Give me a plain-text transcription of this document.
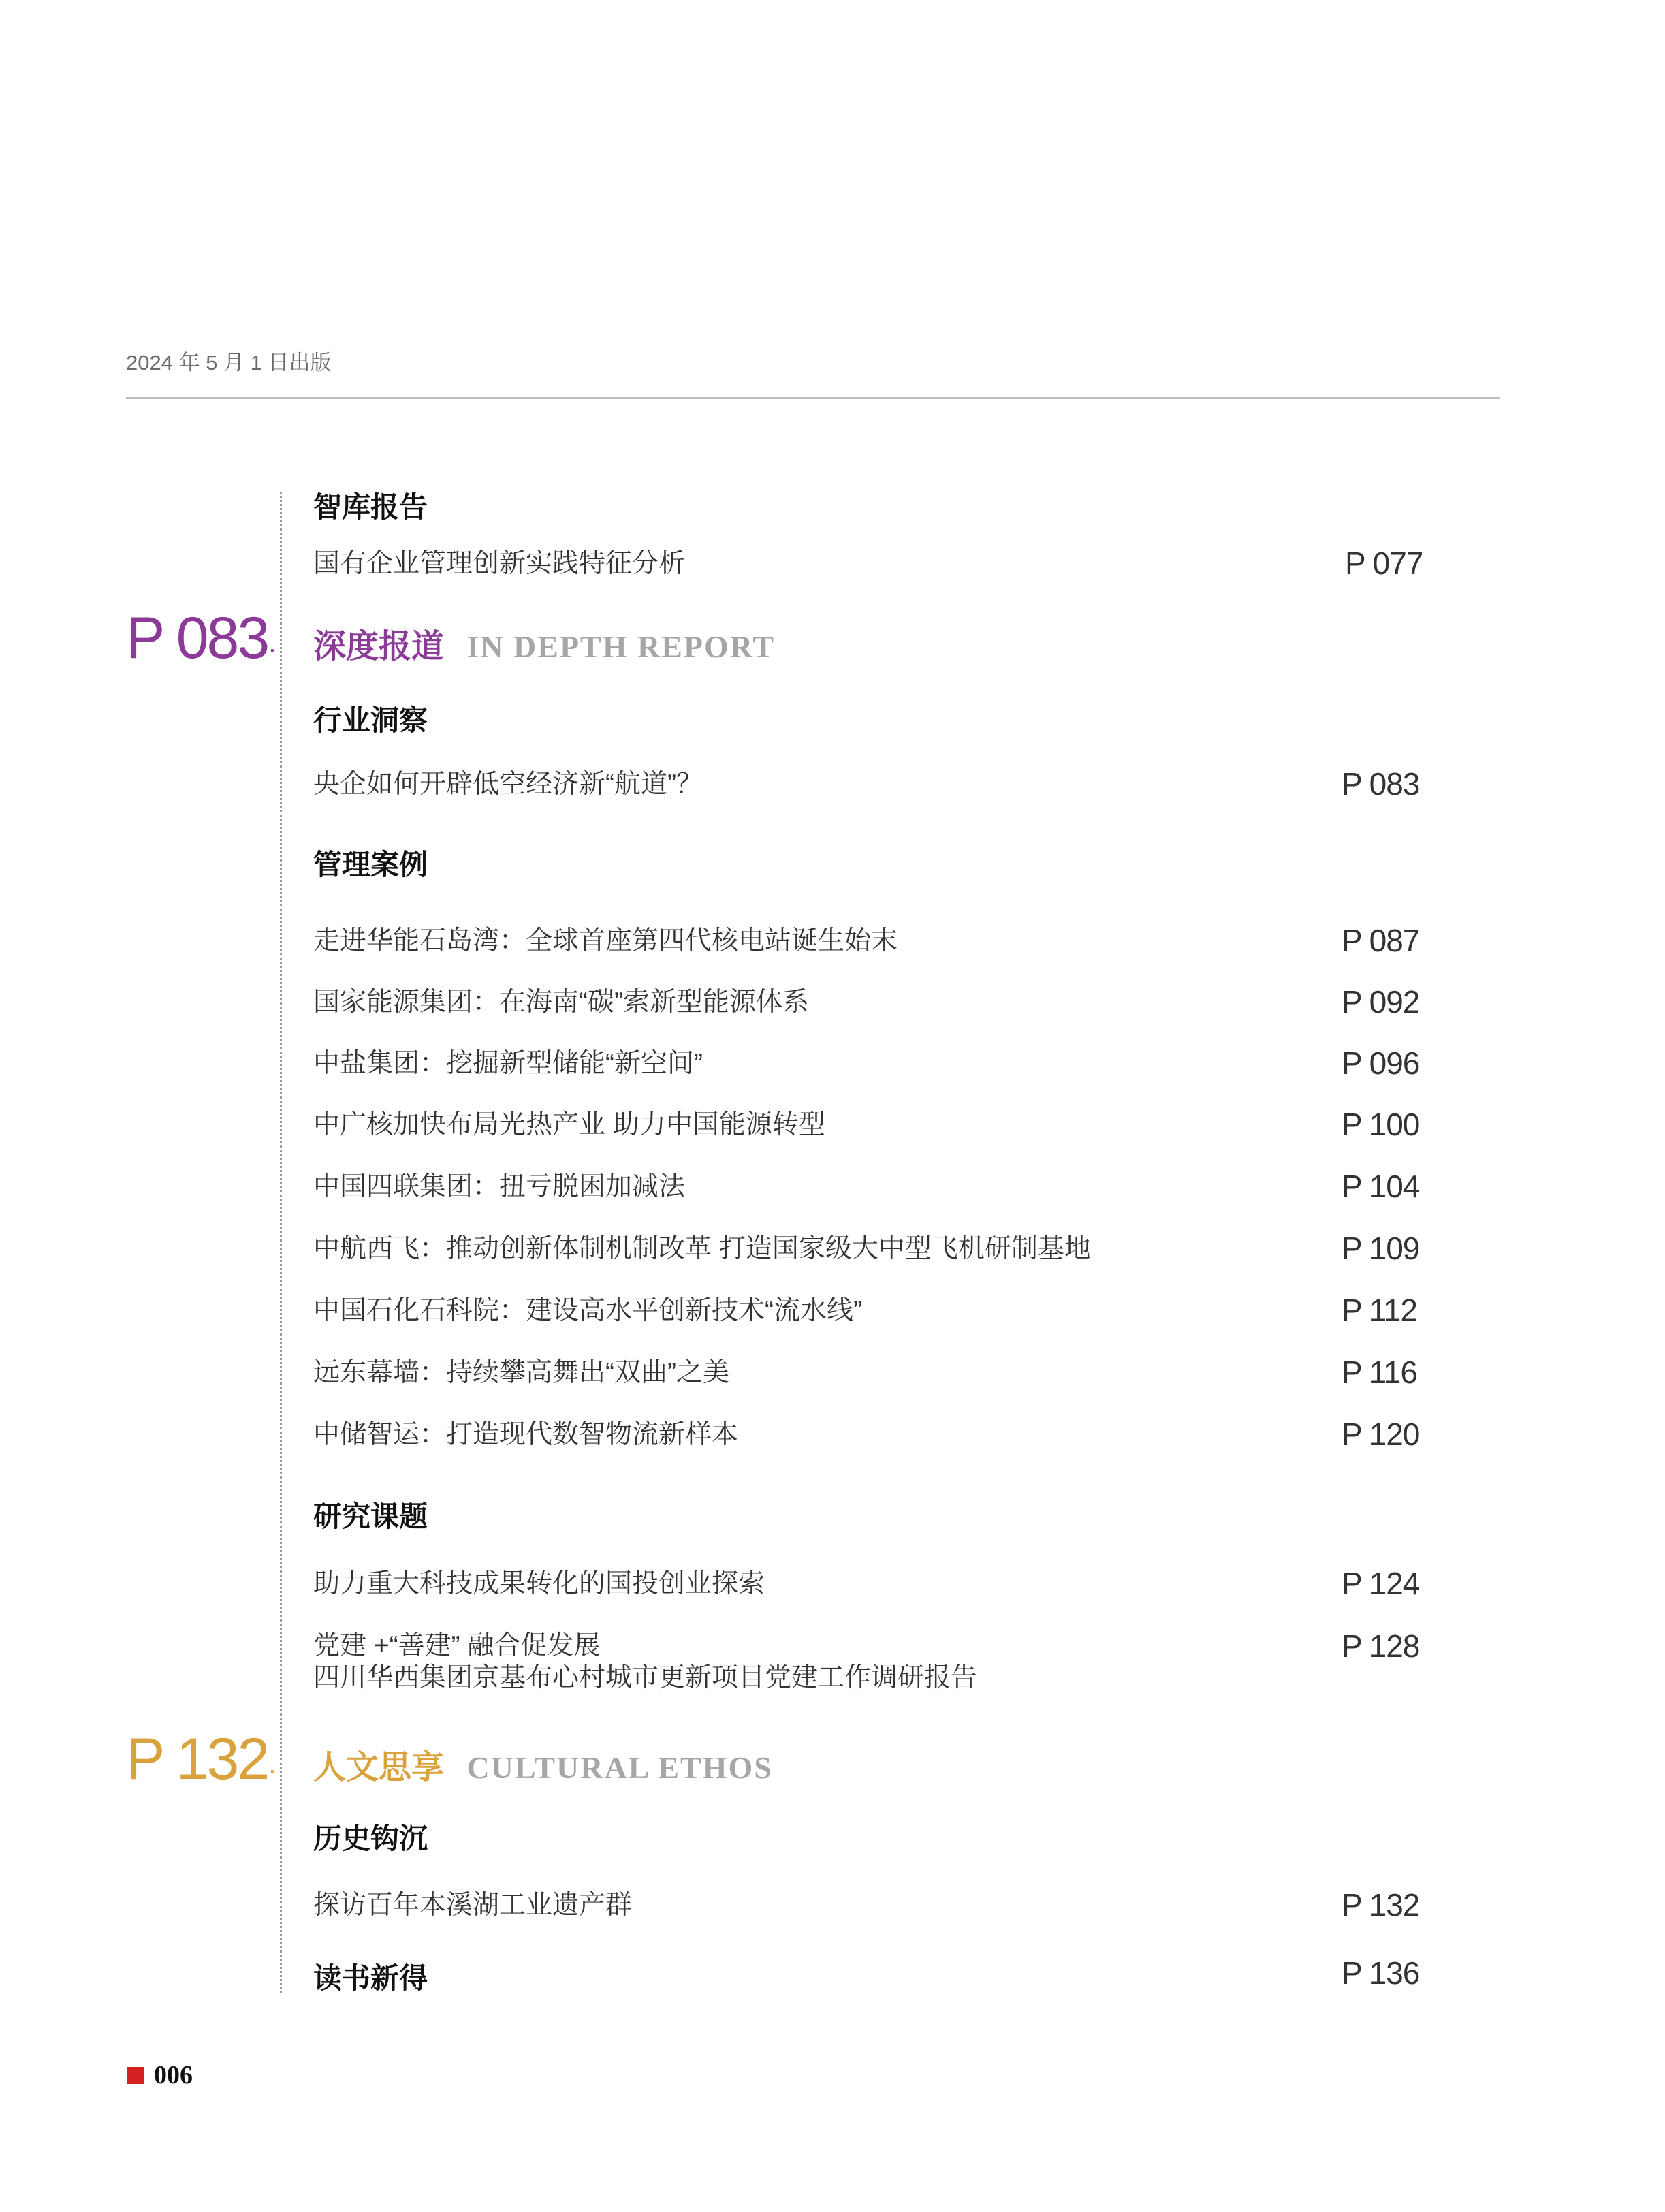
2024 年 5 月 1 日出版
智库报告
国有企业管理创新实践特征分析	P 077
P 083· 深度报道 IN DEPTH REPORT
行业洞察
央企如何开辟低空经济新“航道”？	P 083
管理案例
走进华能石岛湾：全球首座第四代核电站诞生始末	P 087
国家能源集团：在海南“碳”索新型能源体系	P 092
中盐集团：挖掘新型储能“新空间”	P 096
中广核加快布局光热产业 助力中国能源转型	P 100
中国四联集团：扭亏脱困加减法	P 104
中航西飞：推动创新体制机制改革 打造国家级大中型飞机研制基地	P 109
中国石化石科院：建设高水平创新技术“流水线”	P 112
远东幕墙：持续攀高舞出“双曲”之美	P 116
中储智运：打造现代数智物流新样本	P 120
研究课题
助力重大科技成果转化的国投创业探索	P 124
党建 +“善建” 融合促发展
四川华西集团京基布心村城市更新项目党建工作调研报告
P 128
P 132· 人文思享 CULTURAL ETHOS
历史钩沉
探访百年本溪湖工业遗产群	P 132
读书新得	P 136
006
